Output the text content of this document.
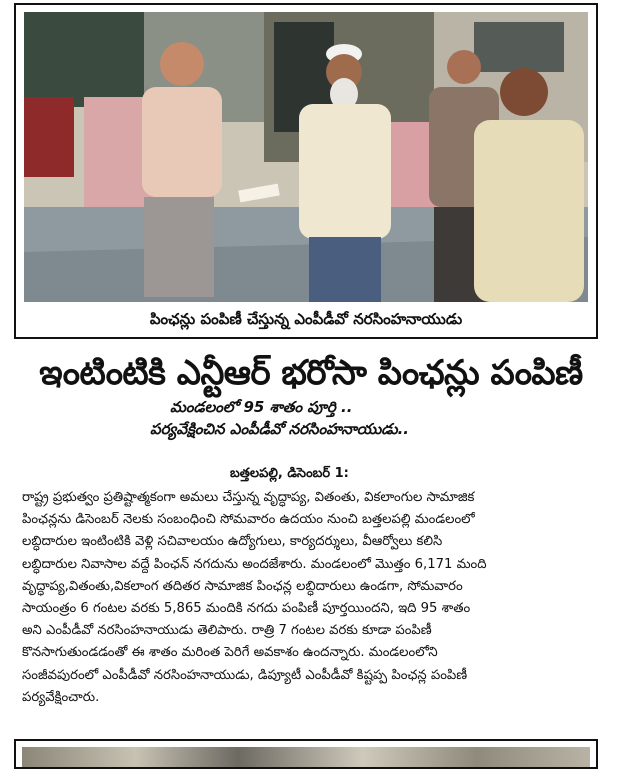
పింఛన్లు పంపిణీ చేస్తున్న ఎంపీడీవో నరసింహనాయుడు
ఇంటింటికి ఎన్టీఆర్ భరోసా పింఛన్లు పంపిణీ
మండలంలో 95 శాతం పూర్తి ..
పర్యవేక్షించిన ఎంపీడీవో నరసింహనాయుడు..
బత్తలపల్లి, డిసెంబర్ 1:
రాష్ట్ర ప్రభుత్వం ప్రతిష్టాత్మకంగా అమలు చేస్తున్న వృద్ధాప్య, వితంతు, వికలాంగుల సామాజిక
పింఛన్లను డిసెంబర్ నెలకు సంబంధించి సోమవారం ఉదయం నుంచి బత్తలపల్లి మండలంలో
లబ్ధిదారుల ఇంటింటికి వెళ్లి సచివాలయం ఉద్యోగులు, కార్యదర్శులు, వీఆర్వోలు కలిసి
లబ్ధిదారుల నివాసాల వద్దే పింఛన్ నగదును అందజేశారు. మండలంలో మొత్తం 6,171 మంది
వృద్ధాప్య,వితంతు,వికలాంగ తదితర సామాజిక పింఛన్ల లబ్ధిదారులు ఉండగా, సోమవారం
సాయంత్రం 6 గంటల వరకు 5,865 మందికి నగదు పంపిణీ పూర్తయిందని, ఇది 95 శాతం
అని ఎంపీడీవో నరసింహనాయుడు తెలిపారు. రాత్రి 7 గంటల వరకు కూడా పంపిణీ
కొనసాగుతుండడంతో ఈ శాతం మరింత పెరిగే అవకాశం ఉందన్నారు. మండలంలోని
సంజీవపురంలో ఎంపీడీవో నరసింహనాయుడు, డిప్యూటీ ఎంపీడీవో కిష్టప్ప పింఛన్ల పంపిణీ
పర్యవేక్షించారు.
